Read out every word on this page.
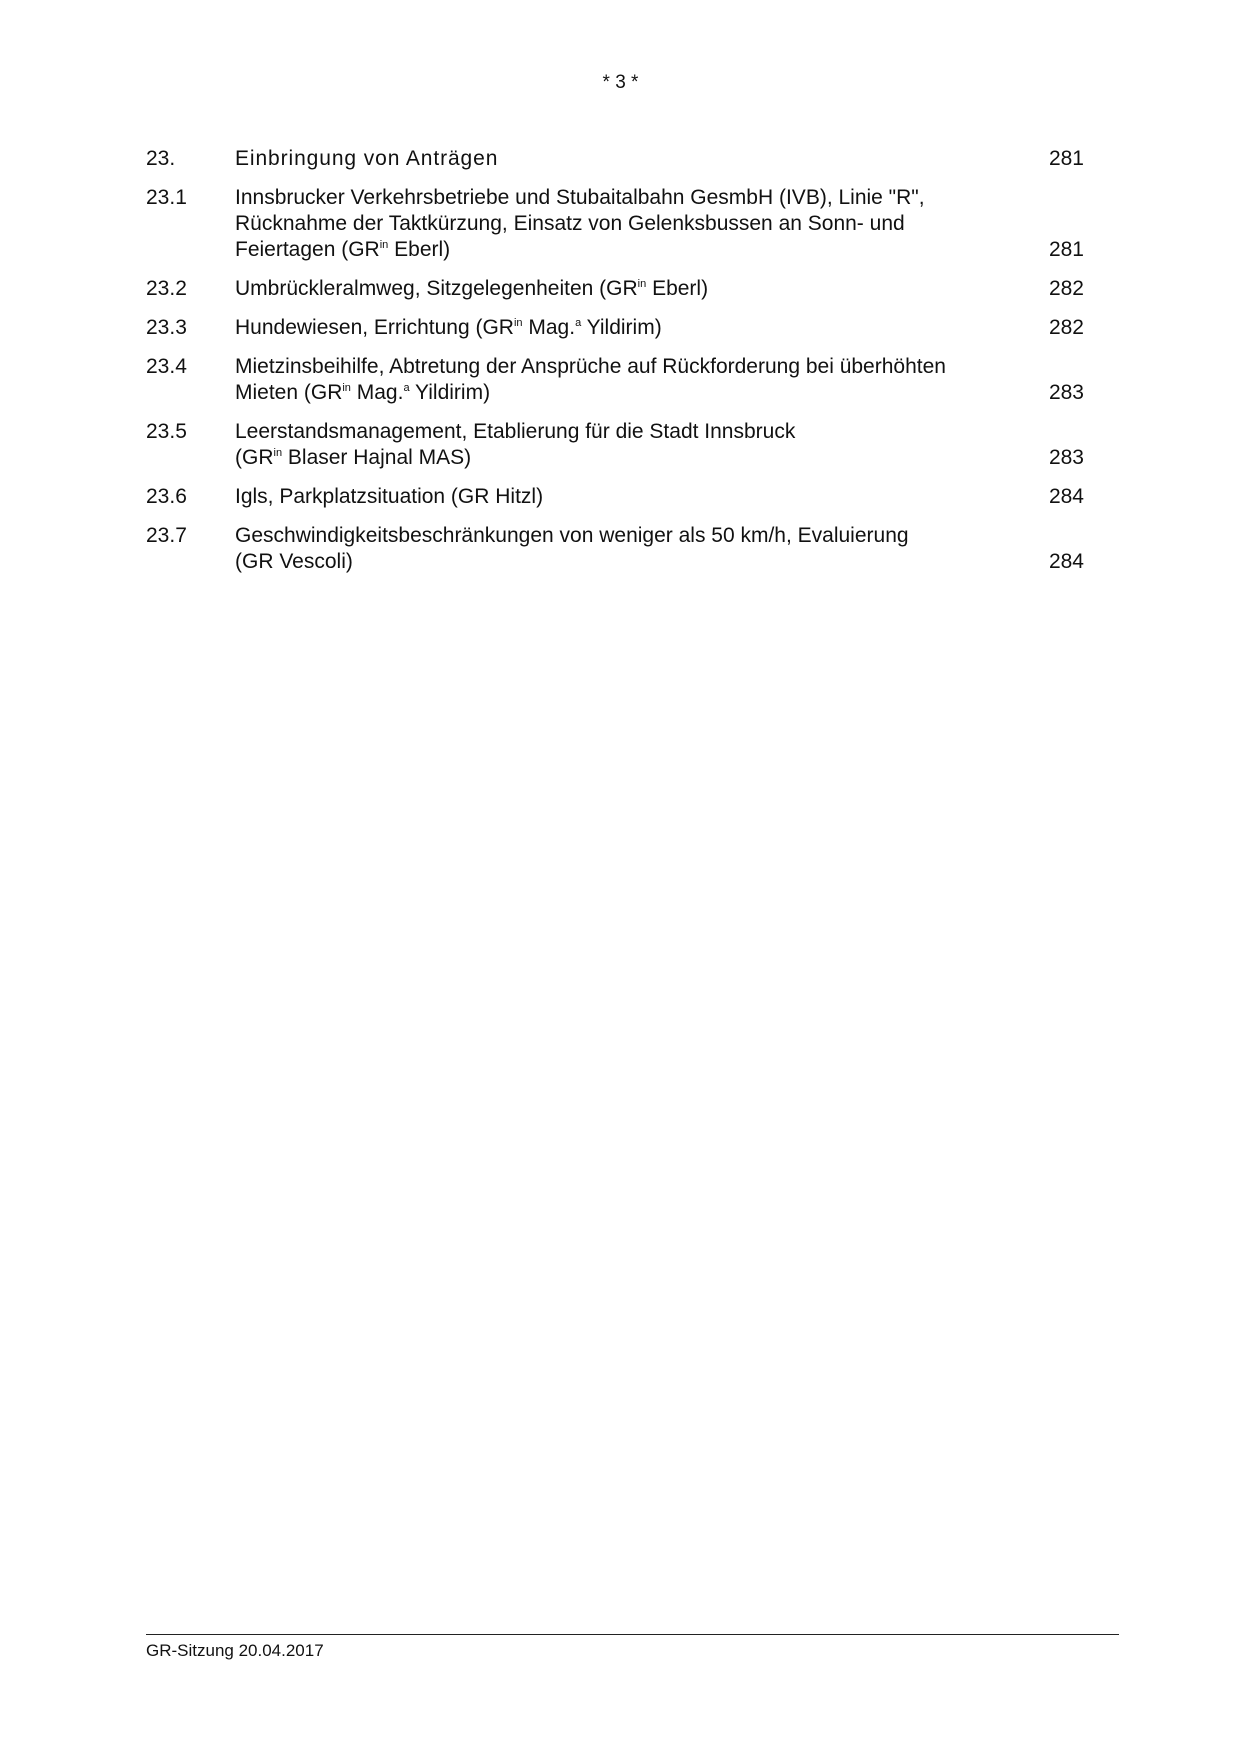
* 3 *
23.	Einbringung von Anträgen	281
23.1	Innsbrucker Verkehrsbetriebe und Stubaitalbahn GesmbH (IVB), Linie "R",
Rücknahme der Taktkürzung, Einsatz von Gelenksbussen an Sonn- und
Feiertagen ($GR^{in}$ Eberl)	281
23.2	Umbrückleralmweg, Sitzgelegenheiten ($GR^{in}$ Eberl)	282
23.3	Hundewiesen, Errichtung ($GR^{in}$ Mag.$^a$ Yildirim)	282
23.4	Mietzinsbeihilfe, Abtretung der Ansprüche auf Rückforderung bei überhöhten
Mieten ($GR^{in}$ Mag.$^a$ Yildirim)	283
23.5	Leerstandsmanagement, Etablierung für die Stadt Innsbruck
($GR^{in}$ Blaser Hajnal MAS)	283
23.6	Igls, Parkplatzsituation (GR Hitzl)	284
23.7	Geschwindigkeitsbeschränkungen von weniger als 50 km/h, Evaluierung
(GR Vescoli)	284
GR-Sitzung 20.04.2017
